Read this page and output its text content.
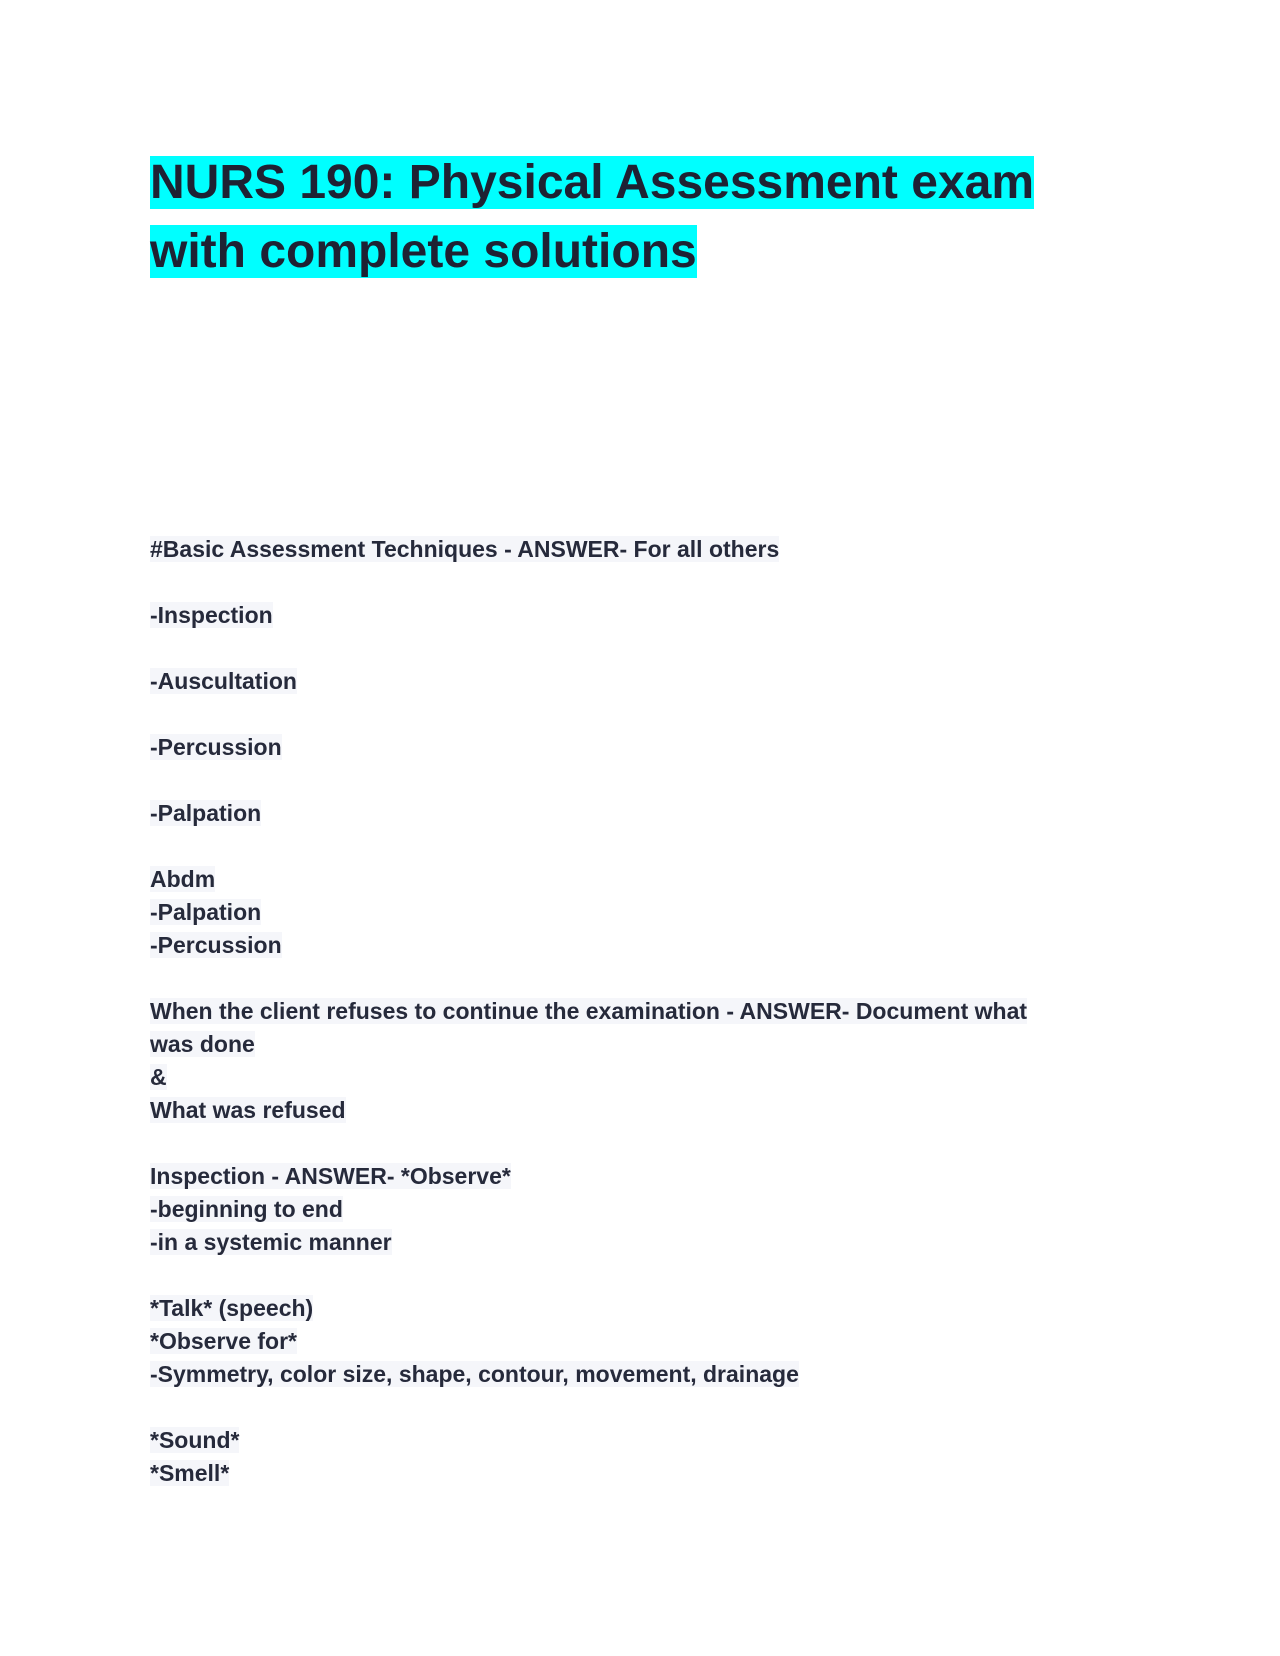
NURS 190: Physical Assessment exam
with complete solutions
#Basic Assessment Techniques - ANSWER- For all others
-Inspection
-Auscultation
-Percussion
-Palpation
Abdm
-Palpation
-Percussion
When the client refuses to continue the examination - ANSWER- Document what
was done
&
What was refused
Inspection - ANSWER- *Observe*
-beginning to end
-in a systemic manner
*Talk* (speech)
*Observe for*
-Symmetry, color size, shape, contour, movement, drainage
*Sound*
*Smell*
